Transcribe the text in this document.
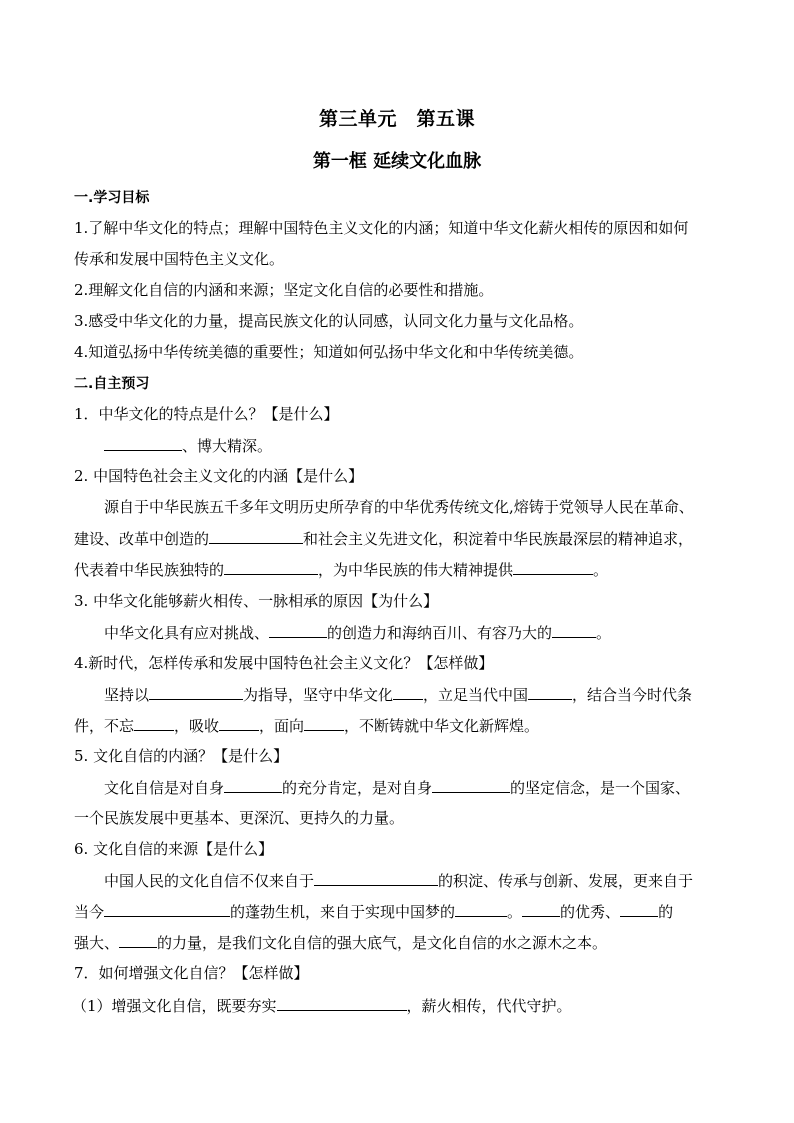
第三单元　第五课
第一框 延续文化血脉
一.学习目标
1.了解中华文化的特点；理解中国特色主义文化的内涵；知道中华文化薪火相传的原因和如何
传承和发展中国特色主义文化。
2.理解文化自信的内涵和来源；坚定文化自信的必要性和措施。
3.感受中华文化的力量，提高民族文化的认同感，认同文化力量与文化品格。
4.知道弘扬中华传统美德的重要性；知道如何弘扬中华文化和中华传统美德。
二.自主预习
1．中华文化的特点是什么？【是什么】
、博大精深。
2. 中国特色社会主义文化的内涵【是什么】
源自于中华民族五千多年文明历史所孕育的中华优秀传统文化,熔铸于党领导人民在革命、
建设、改革中创造的	和社会主义先进文化，积淀着中华民族最深层的精神追求，
代表着中华民族独特的	，为中华民族的伟大精神提供	。
3. 中华文化能够薪火相传、一脉相承的原因【为什么】
中华文化具有应对挑战、	的创造力和海纳百川、有容乃大的	。
4.新时代，怎样传承和发展中国特色社会主义文化？【怎样做】
坚持以	为指导，坚守中华文化 ，立足当代中国	，结合当今时代条
件，不忘	，吸收	，面向	，不断铸就中华文化新辉煌。
5. 文化自信的内涵？【是什么】
文化自信是对自身	的充分肯定，是对自身	的坚定信念，是一个国家、
一个民族发展中更基本、更深沉、更持久的力量。
6. 文化自信的来源【是什么】
中国人民的文化自信不仅来自于	的积淀、传承与创新、发展，更来自于
当今	的蓬勃生机，来自于实现中国梦的	。	的优秀、	的
强大、	的力量，是我们文化自信的强大底气，是文化自信的水之源木之本。
7．如何增强文化自信？【怎样做】
（1）增强文化自信，既要夯实	，薪火相传，代代守护。
